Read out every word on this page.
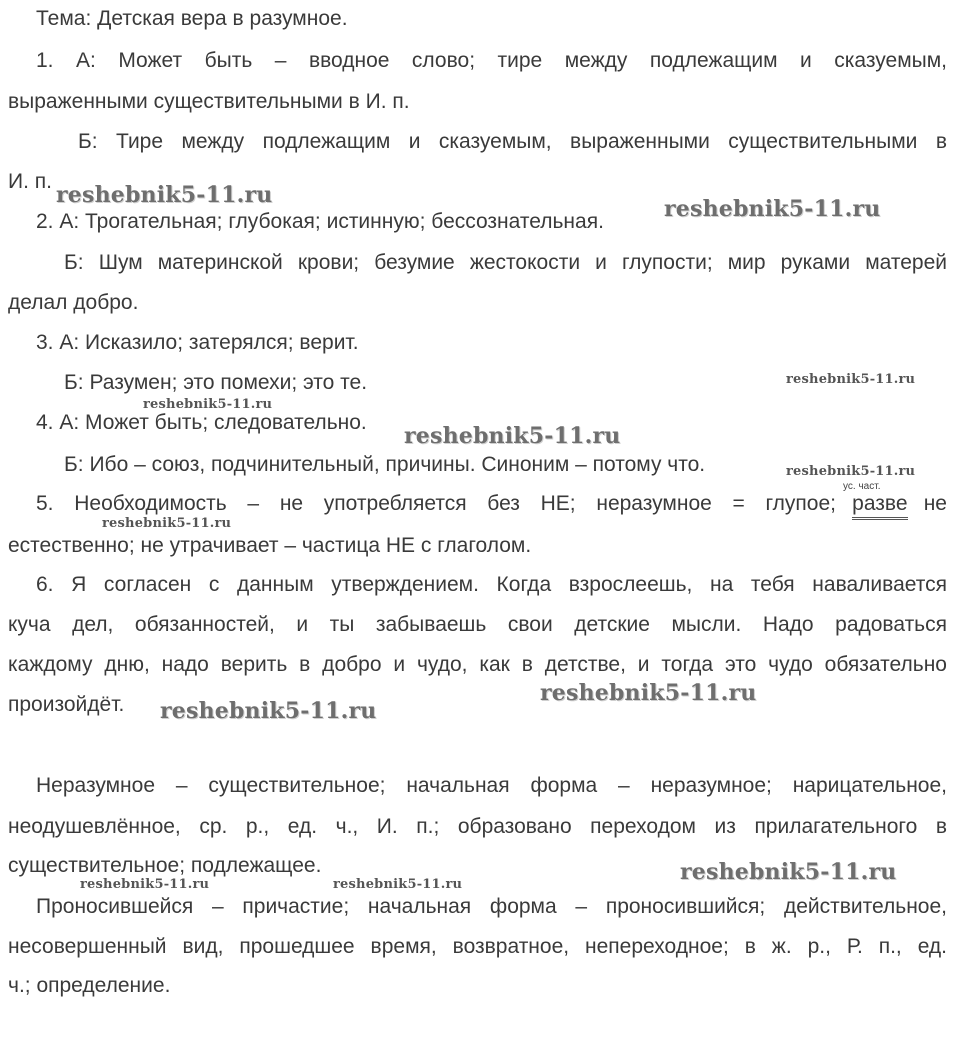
Тема: Детская вера в разумное.
1. А: Может быть – вводное слово; тире между подлежащим и сказуемым,
выраженными существительными в И. п.
Б: Тире между подлежащим и сказуемым, выраженными существительными в
И. п.
2. А: Трогательная; глубокая; истинную; бессознательная.
Б: Шум материнской крови; безумие жестокости и глупости; мир руками матерей
делал добро.
3. А: Исказило; затерялся; верит.
Б: Разумен; это помехи; это те.
4. А: Может быть; следовательно.
Б: Ибо – союз, подчинительный, причины. Синоним – потому что.
5. Необходимость – не употребляется без НЕ; неразумное = глупое; разве не
ус. част.
естественно; не утрачивает – частица НЕ с глаголом.
6. Я согласен с данным утверждением. Когда взрослеешь, на тебя наваливается
куча дел, обязанностей, и ты забываешь свои детские мысли. Надо радоваться
каждому дню, надо верить в добро и чудо, как в детстве, и тогда это чудо обязательно
произойдёт.
Неразумное – существительное; начальная форма – неразумное; нарицательное,
неодушевлённое, ср. р., ед. ч., И. п.; образовано переходом из прилагательного в
существительное; подлежащее.
Проносившейся – причастие; начальная форма – проносившийся; действительное,
несовершенный вид, прошедшее время, возвратное, непереходное; в ж. р., Р. п., ед.
ч.; определение.
reshebnik5-11.ru
reshebnik5-11.ru
reshebnik5-11.ru
reshebnik5-11.ru
reshebnik5-11.ru
reshebnik5-11.ru
reshebnik5-11.ru
reshebnik5-11.ru
reshebnik5-11.ru
reshebnik5-11.ru
reshebnik5-11.ru	reshebnik5-11.ru
